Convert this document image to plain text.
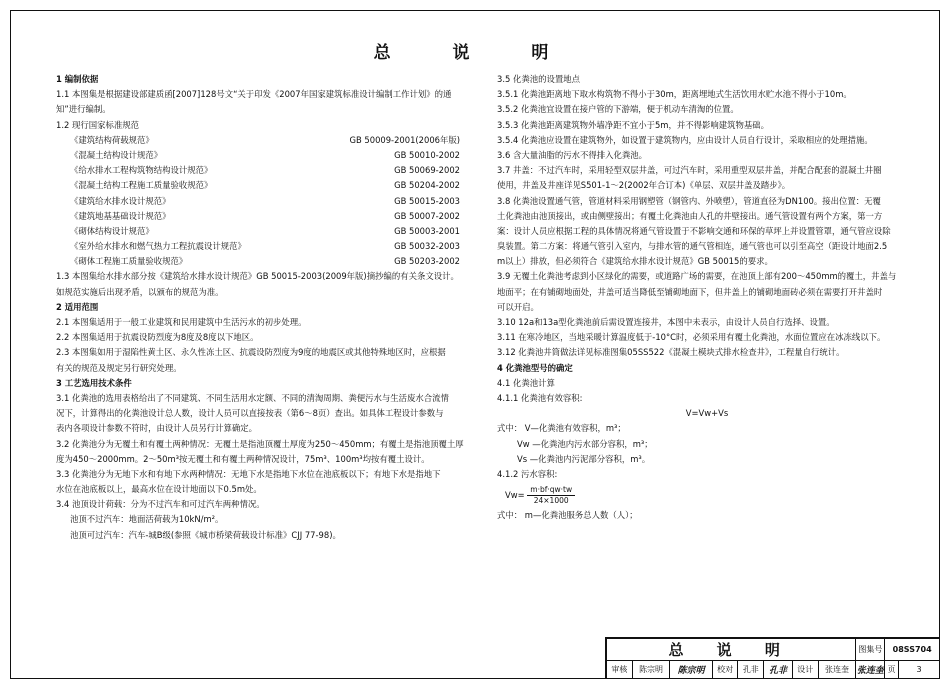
总 说 明
1 编制依据
1.1 本图集是根据建设部建质函[2007]128号文“关于印发《2007年国家建筑标准设计编制工作计划》的通
知”进行编制。
1.2 现行国家标准规范
《建筑结构荷载规范》	GB 50009-2001(2006年版)
《混凝土结构设计规范》	GB 50010-2002
《给水排水工程构筑物结构设计规范》	GB 50069-2002
《混凝土结构工程施工质量验收规范》	GB 50204-2002
《建筑给水排水设计规范》	GB 50015-2003
《建筑地基基础设计规范》	GB 50007-2002
《砌体结构设计规范》	GB 50003-2001
《室外给水排水和燃气热力工程抗震设计规范》	GB 50032-2003
《砌体工程施工质量验收规范》	GB 50203-2002
1.3 本图集给水排水部分按《建筑给水排水设计规范》GB 50015-2003(2009年版)摘抄编的有关条文设计。
如规范实施后出现矛盾，以颁布的规范为准。
2 适用范围
2.1 本图集适用于一般工业建筑和民用建筑中生活污水的初步处理。
2.2 本图集适用于抗震设防烈度为8度及8度以下地区。
2.3 本图集如用于湿陷性黄土区、永久性冻土区、抗震设防烈度为9度的地震区或其他特殊地区时，应根据
有关的规范及规定另行研究处理。
3 工艺选用技术条件
3.1 化粪池的选用表格给出了不同建筑、不同生活用水定额、不同的清淘周期、粪便污水与生活废水合流情
况下，计算得出的化粪池设计总人数，设计人员可以直接按表（第6～8页）查出。如具体工程设计参数与
表内各项设计参数不符时，由设计人员另行计算确定。
3.2 化粪池分为无覆土和有覆土两种情况：无覆土是指池顶覆土厚度为250～450mm；有覆土是指池顶覆土厚
度为450～2000mm。2～50m³按无覆土和有覆土两种情况设计，75m³、100m³均按有覆土设计。
3.3 化粪池分为无地下水和有地下水两种情况：无地下水是指地下水位在池底板以下；有地下水是指地下
水位在池底板以上，最高水位在设计地面以下0.5m处。
3.4 池顶设计荷载：分为不过汽车和可过汽车两种情况。
池顶不过汽车：地面活荷载为10kN/m²。
池顶可过汽车：汽车-城B级(参照《城市桥梁荷载设计标准》CJJ 77-98)。
3.5 化粪池的设置地点
3.5.1 化粪池距离地下取水构筑物不得小于30m，距离埋地式生活饮用水贮水池不得小于10m。
3.5.2 化粪池宜设置在接户管的下游端，便于机动车清淘的位置。
3.5.3 化粪池距离建筑物外墙净距不宜小于5m，并不得影响建筑物基础。
3.5.4 化粪池应设置在建筑物外，如设置于建筑物内，应由设计人员自行设计，采取相应的处理措施。
3.6 含大量油脂的污水不得排入化粪池。
3.7 井盖：不过汽车时，采用轻型双层井盖，可过汽车时，采用重型双层井盖，并配合配套的混凝土井圈
使用，井盖及井座详见S501-1～2(2002年合订本)《单层、双层井盖及踏步》。
3.8 化粪池设置通气管，管道材料采用钢塑管（钢管内、外喷塑），管道直径为DN100。接出位置：无覆
土化粪池由池顶接出，或由侧壁接出；有覆土化粪池由人孔的井壁接出。通气管设置有两个方案，第一方
案：设计人员应根据工程的具体情况将通气管设置于不影响交通和环保的草坪上并设置管罩，通气管应设除
臭装置。第二方案：将通气管引入室内，与排水管的通气管相连，通气管也可以引至高空（距设计地面2.5
m以上）排放，但必须符合《建筑给水排水设计规范》GB 50015的要求。
3.9 无覆土化粪池考虑到小区绿化的需要，或道路广场的需要，在池顶上部有200～450mm的覆土，井盖与
地面平；在有铺砌地面处，井盖可适当降低至铺砌地面下，但井盖上的铺砌地面砖必须在需要打开井盖时
可以开启。
3.10 12a和13a型化粪池前后需设置连接井，本图中未表示，由设计人员自行选择、设置。
3.11 在寒冷地区，当地采暖计算温度低于-10°C时，必须采用有覆土化粪池，水面位置应在冰冻线以下。
3.12 化粪池井筒做法详见标准图集05SS522《混凝土模块式排水检查井》，工程量自行统计。
4 化粪池型号的确定
4.1 化粪池计算
4.1.1 化粪池有效容积:
V=Vw+Vs
式中： V—化粪池有效容积，m³；
Vw —化粪池内污水部分容积，m³；
Vs —化粪池内污泥部分容积，m³。
4.1.2 污水容积:
$Vw= \frac{m\cdot bf\cdot qw\cdot tw}{24\times 1000}$
式中： m—化粪池服务总人数（人）；
总 说 明								图集号	08SS704	
审核	陈宗明	陈宗明	校对	孔非	孔非	设计	张连奎	张连奎	页	3
